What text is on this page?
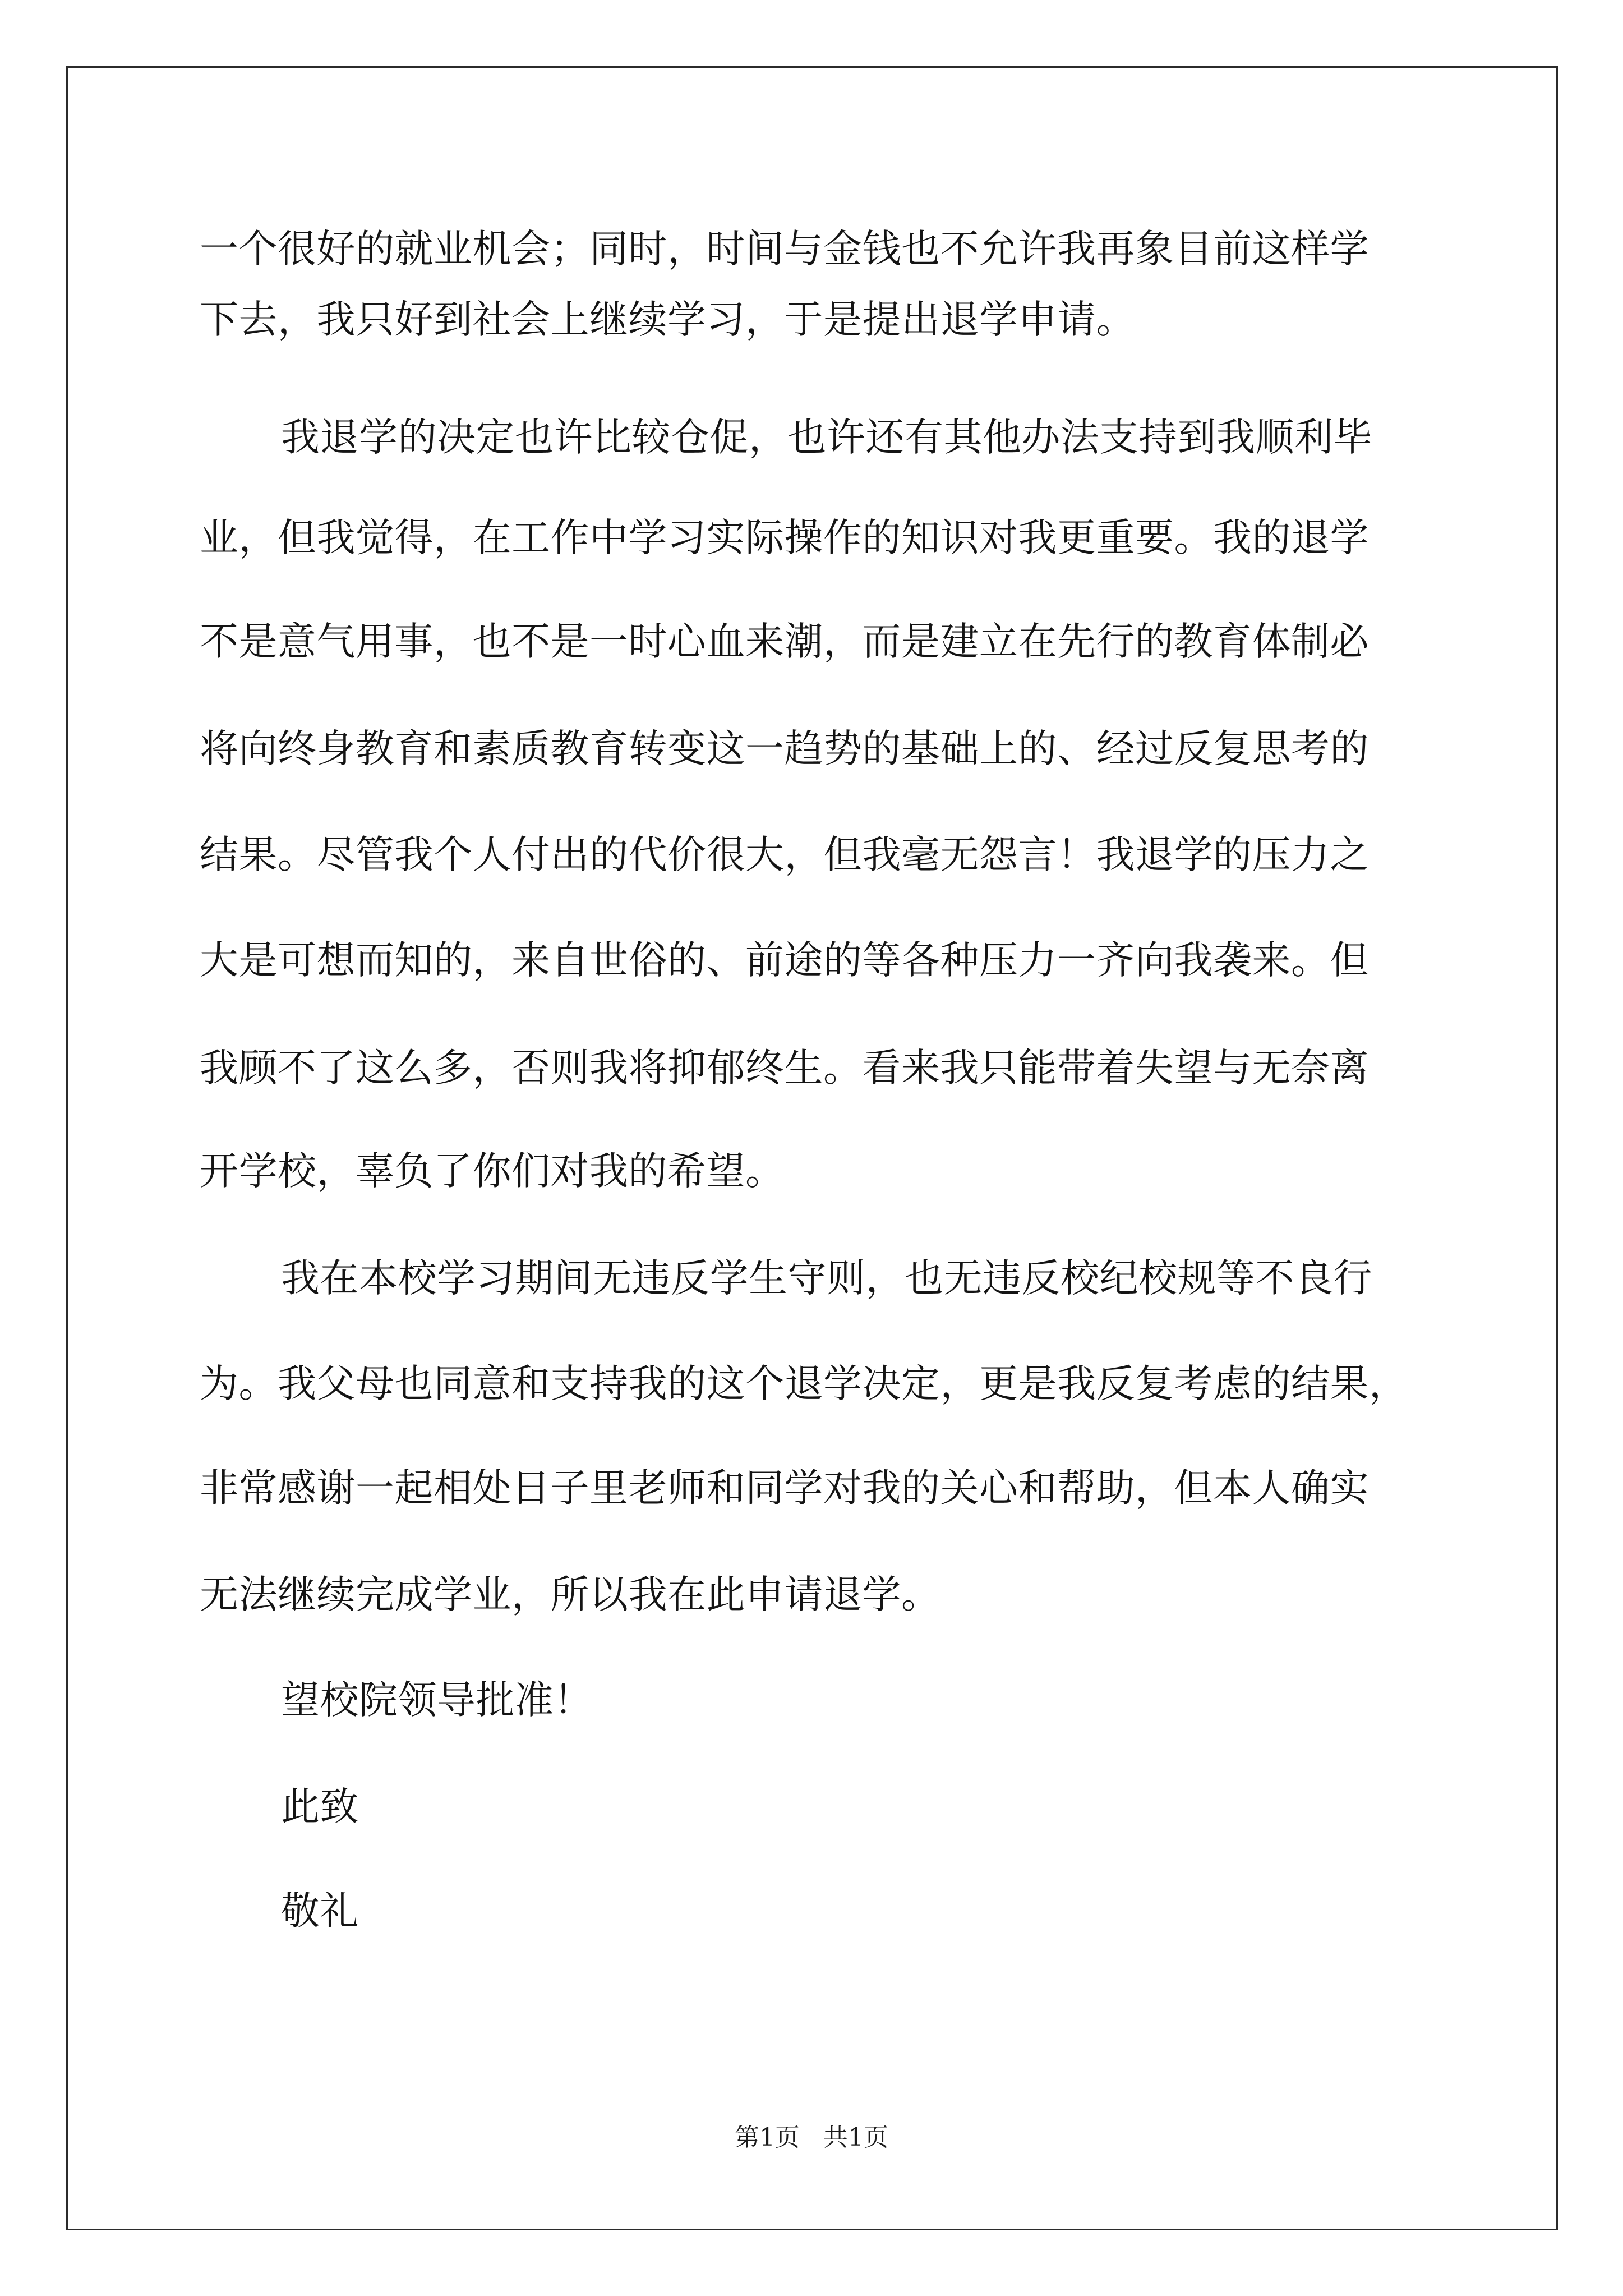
一个很好的就业机会；同时，时间与金钱也不允许我再象目前这样学

下去，我只好到社会上继续学习，于是提出退学申请。

我退学的决定也许比较仓促，也许还有其他办法支持到我顺利毕

业，但我觉得，在工作中学习实际操作的知识对我更重要。我的退学

不是意气用事，也不是一时心血来潮，而是建立在先行的教育体制必

将向终身教育和素质教育转变这一趋势的基础上的、经过反复思考的

结果。尽管我个人付出的代价很大，但我毫无怨言！我退学的压力之

大是可想而知的，来自世俗的、前途的等各种压力一齐向我袭来。但

我顾不了这么多，否则我将抑郁终生。看来我只能带着失望与无奈离

开学校，辜负了你们对我的希望。

我在本校学习期间无违反学生守则，也无违反校纪校规等不良行

为。我父母也同意和支持我的这个退学决定，更是我反复考虑的结果，

非常感谢一起相处日子里老师和同学对我的关心和帮助，但本人确实

无法继续完成学业，所以我在此申请退学。

望校院领导批准！

此致

敬礼

第1页   共1页
